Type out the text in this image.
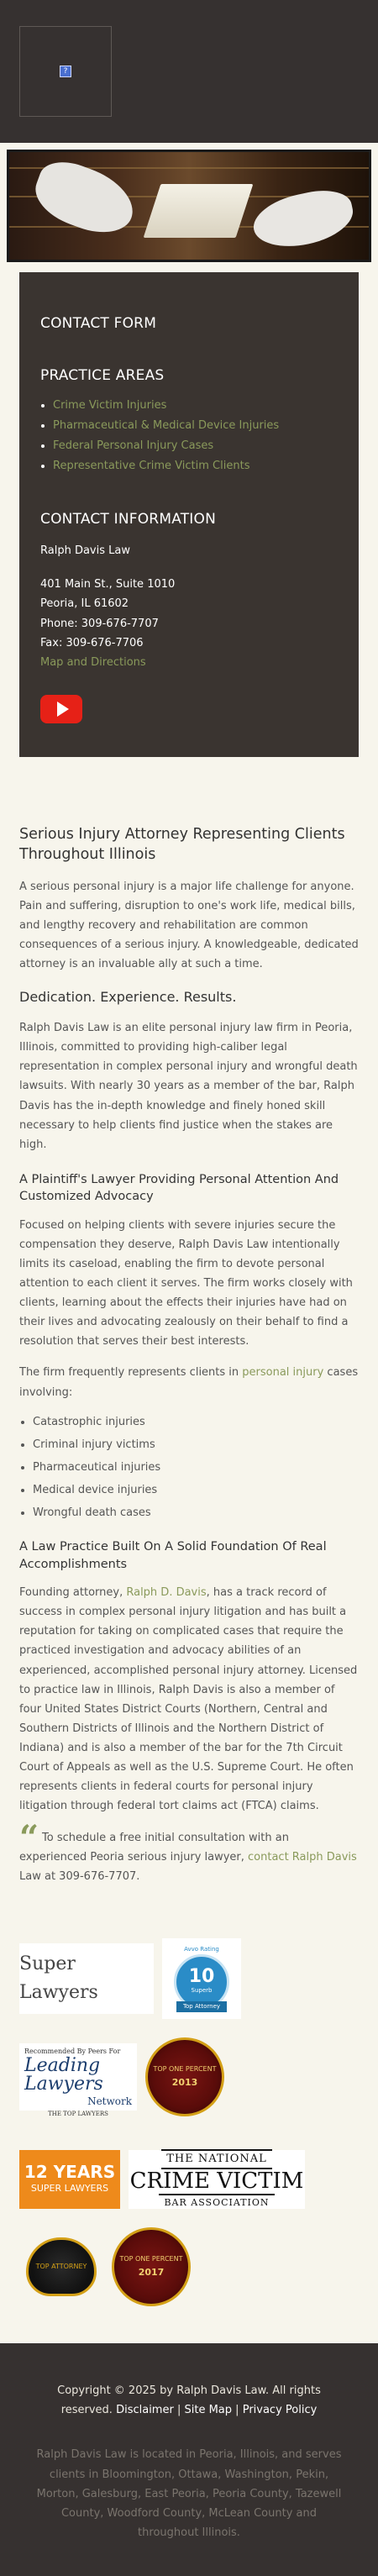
?
CONTACT FORM
PRACTICE AREAS
• Crime Victim Injuries
• Pharmaceutical & Medical Device Injuries
• Federal Personal Injury Cases
• Representative Crime Victim Clients
CONTACT INFORMATION
Ralph Davis Law
401 Main St., Suite 1010
Peoria, IL 61602
Phone: 309-676-7707
Fax: 309-676-7706
Map and Directions
Serious Injury Attorney Representing Clients Throughout Illinois

A serious personal injury is a major life challenge for anyone. Pain and suffering, disruption to one's work life, medical bills, and lengthy recovery and rehabilitation are common consequences of a serious injury. A knowledgeable, dedicated attorney is an invaluable ally at such a time.

Dedication. Experience. Results.

Ralph Davis Law is an elite personal injury law firm in Peoria, Illinois, committed to providing high-caliber legal representation in complex personal injury and wrongful death lawsuits. With nearly 30 years as a member of the bar, Ralph Davis has the in-depth knowledge and finely honed skill necessary to help clients find justice when the stakes are high.

A Plaintiff's Lawyer Providing Personal Attention And Customized Advocacy

Focused on helping clients with severe injuries secure the compensation they deserve, Ralph Davis Law intentionally limits its caseload, enabling the firm to devote personal attention to each client it serves. The firm works closely with clients, learning about the effects their injuries have had on their lives and advocating zealously on their behalf to find a resolution that serves their best interests.

The firm frequently represents clients in personal injury cases involving:

• Catastrophic injuries
• Criminal injury victims
• Pharmaceutical injuries
• Medical device injuries
• Wrongful death cases
A Law Practice Built On A Solid Foundation Of Real Accomplishments

Founding attorney, Ralph D. Davis, has a track record of success in complex personal injury litigation and has built a reputation for taking on complicated cases that require the practiced investigation and advocacy abilities of an experienced, accomplished personal injury attorney. Licensed to practice law in Illinois, Ralph Davis is also a member of four United States District Courts (Northern, Central and Southern Districts of Illinois and the Northern District of Indiana) and is also a member of the bar for the 7th Circuit Court of Appeals as well as the U.S. Supreme Court. He often represents clients in federal courts for personal injury litigation through federal tort claims act (FTCA) claims.

“ To schedule a free initial consultation with an experienced Peoria serious injury lawyer, contact Ralph Davis Law at 309-676-7707.

Super Lawyers
Avvo Rating
10
Superb
Top Attorney
Recommended By Peers For
Leading Lawyers
Network
THE TOP LAWYERS
TOP ONE PERCENT
2013
12 YEARS
SUPER LAWYERS
THE NATIONAL
CRIME VICTIM
BAR ASSOCIATION
TOP ATTORNEY
TOP ONE PERCENT
2017
Copyright © 2025 by Ralph Davis Law. All rights reserved. Disclaimer | Site Map | Privacy Policy
Ralph Davis Law is located in Peoria, Illinois, and serves clients in Bloomington, Ottawa, Washington, Pekin, Morton, Galesburg, East Peoria, Peoria County, Tazewell County, Woodford County, McLean County and throughout Illinois.
